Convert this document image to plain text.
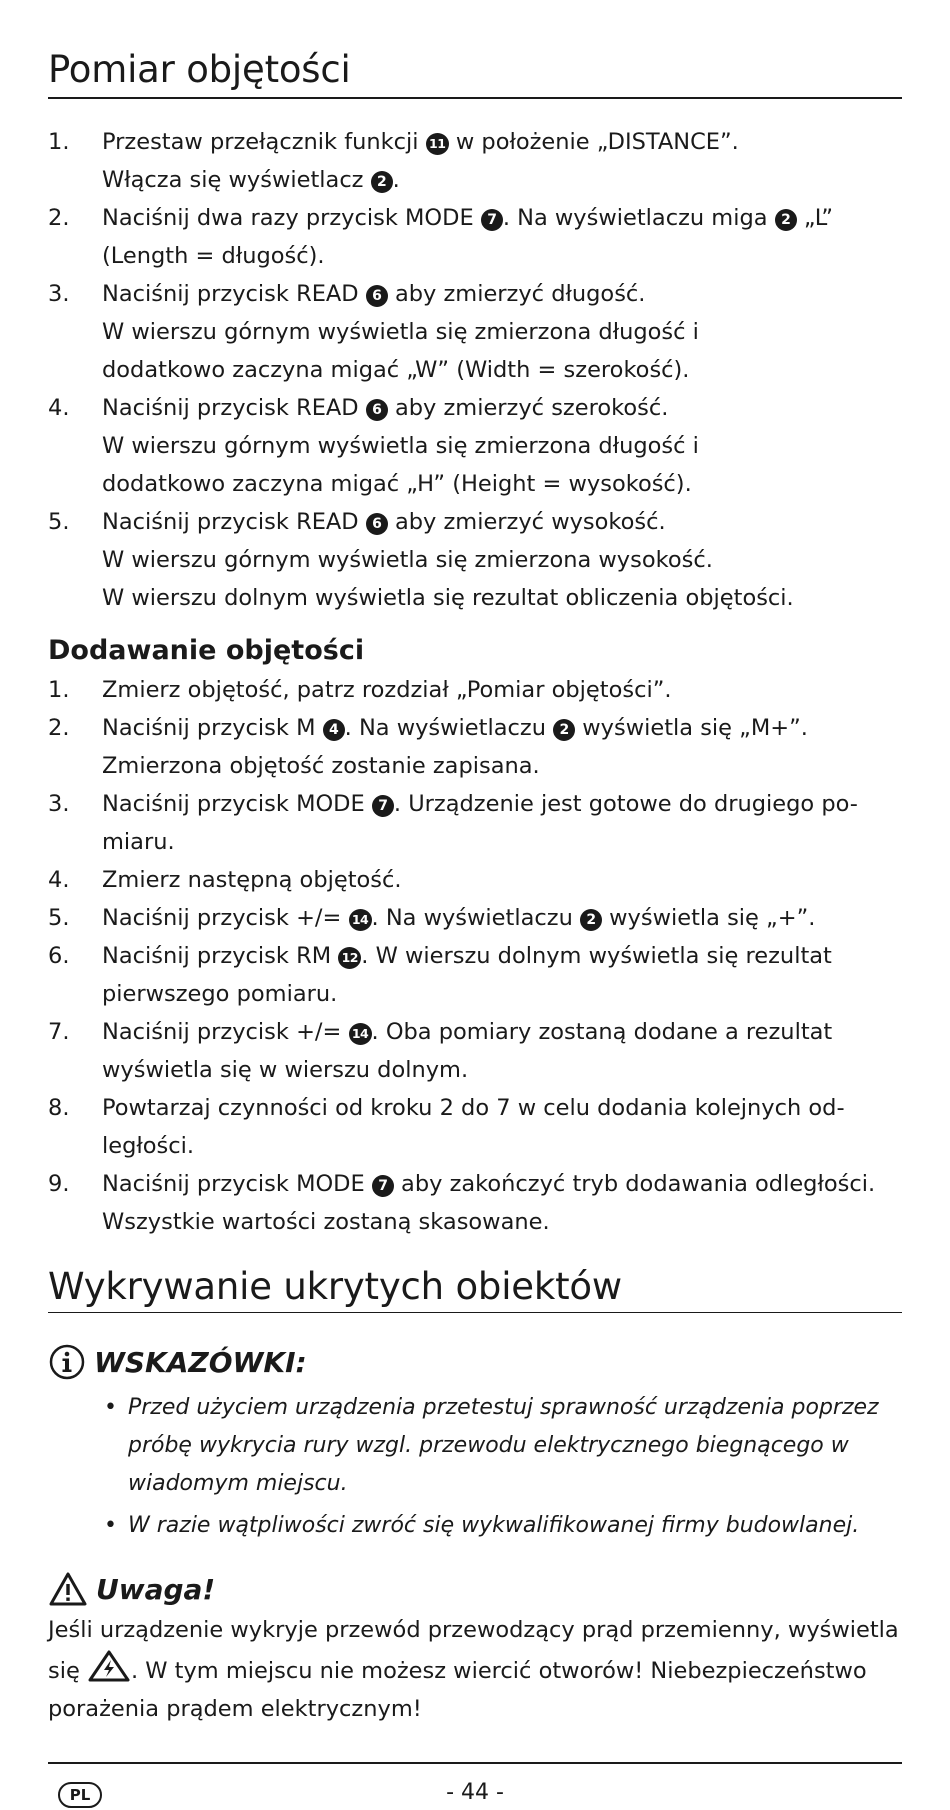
Pomiar objętości
1.	Przestaw przełącznik funkcji 11 w położenie „DISTANCE”.
Włącza się wyświetlacz 2 .
2.	Naciśnij dwa razy przycisk MODE 7 . Na wyświetlaczu miga 2 „L”
(Length = długość).
3.	Naciśnij przycisk READ 6 aby zmierzyć długość.
W wierszu górnym wyświetla się zmierzona długość i
dodatkowo zaczyna migać „W” (Width = szerokość).
4.	Naciśnij przycisk READ 6 aby zmierzyć szerokość.
W wierszu górnym wyświetla się zmierzona długość i
dodatkowo zaczyna migać „H” (Height = wysokość).
5.	Naciśnij przycisk READ 6 aby zmierzyć wysokość.
W wierszu górnym wyświetla się zmierzona wysokość.
W wierszu dolnym wyświetla się rezultat obliczenia objętości.
Dodawanie objętości
1.	Zmierz objętość, patrz rozdział „Pomiar objętości”.
2.	Naciśnij przycisk M 4 . Na wyświetlaczu 2 wyświetla się „M+”.
Zmierzona objętość zostanie zapisana.
3.	Naciśnij przycisk MODE 7 . Urządzenie jest gotowe do drugiego po-
miaru.
4.	Zmierz następną objętość.
5.	Naciśnij przycisk +/= 14 . Na wyświetlaczu 2 wyświetla się „+”.
6.	Naciśnij przycisk RM 12 . W wierszu dolnym wyświetla się rezultat
pierwszego pomiaru.
7.	Naciśnij przycisk +/= 14 . Oba pomiary zostaną dodane a rezultat
wyświetla się w wierszu dolnym.
8.	Powtarzaj czynności od kroku 2 do 7 w celu dodania kolejnych od-
ległości.
9.	Naciśnij przycisk MODE 7 aby zakończyć tryb dodawania odległości.
Wszystkie wartości zostaną skasowane.
Wykrywanie ukrytych obiektów
WSKAZÓWKI:
• Przed użyciem urządzenia przetestuj sprawność urządzenia poprzez
próbę wykrycia rury wzgl. przewodu elektrycznego biegnącego w
wiadomym miejscu.
• W razie wątpliwości zwróć się wykwalifikowanej firmy budowlanej.
Uwaga!
Jeśli urządzenie wykryje przewód przewodzący prąd przemienny, wyświetla
się . W tym miejscu nie możesz wiercić otworów! Niebezpieczeństwo
porażenia prądem elektrycznym!
PL	- 44 -
